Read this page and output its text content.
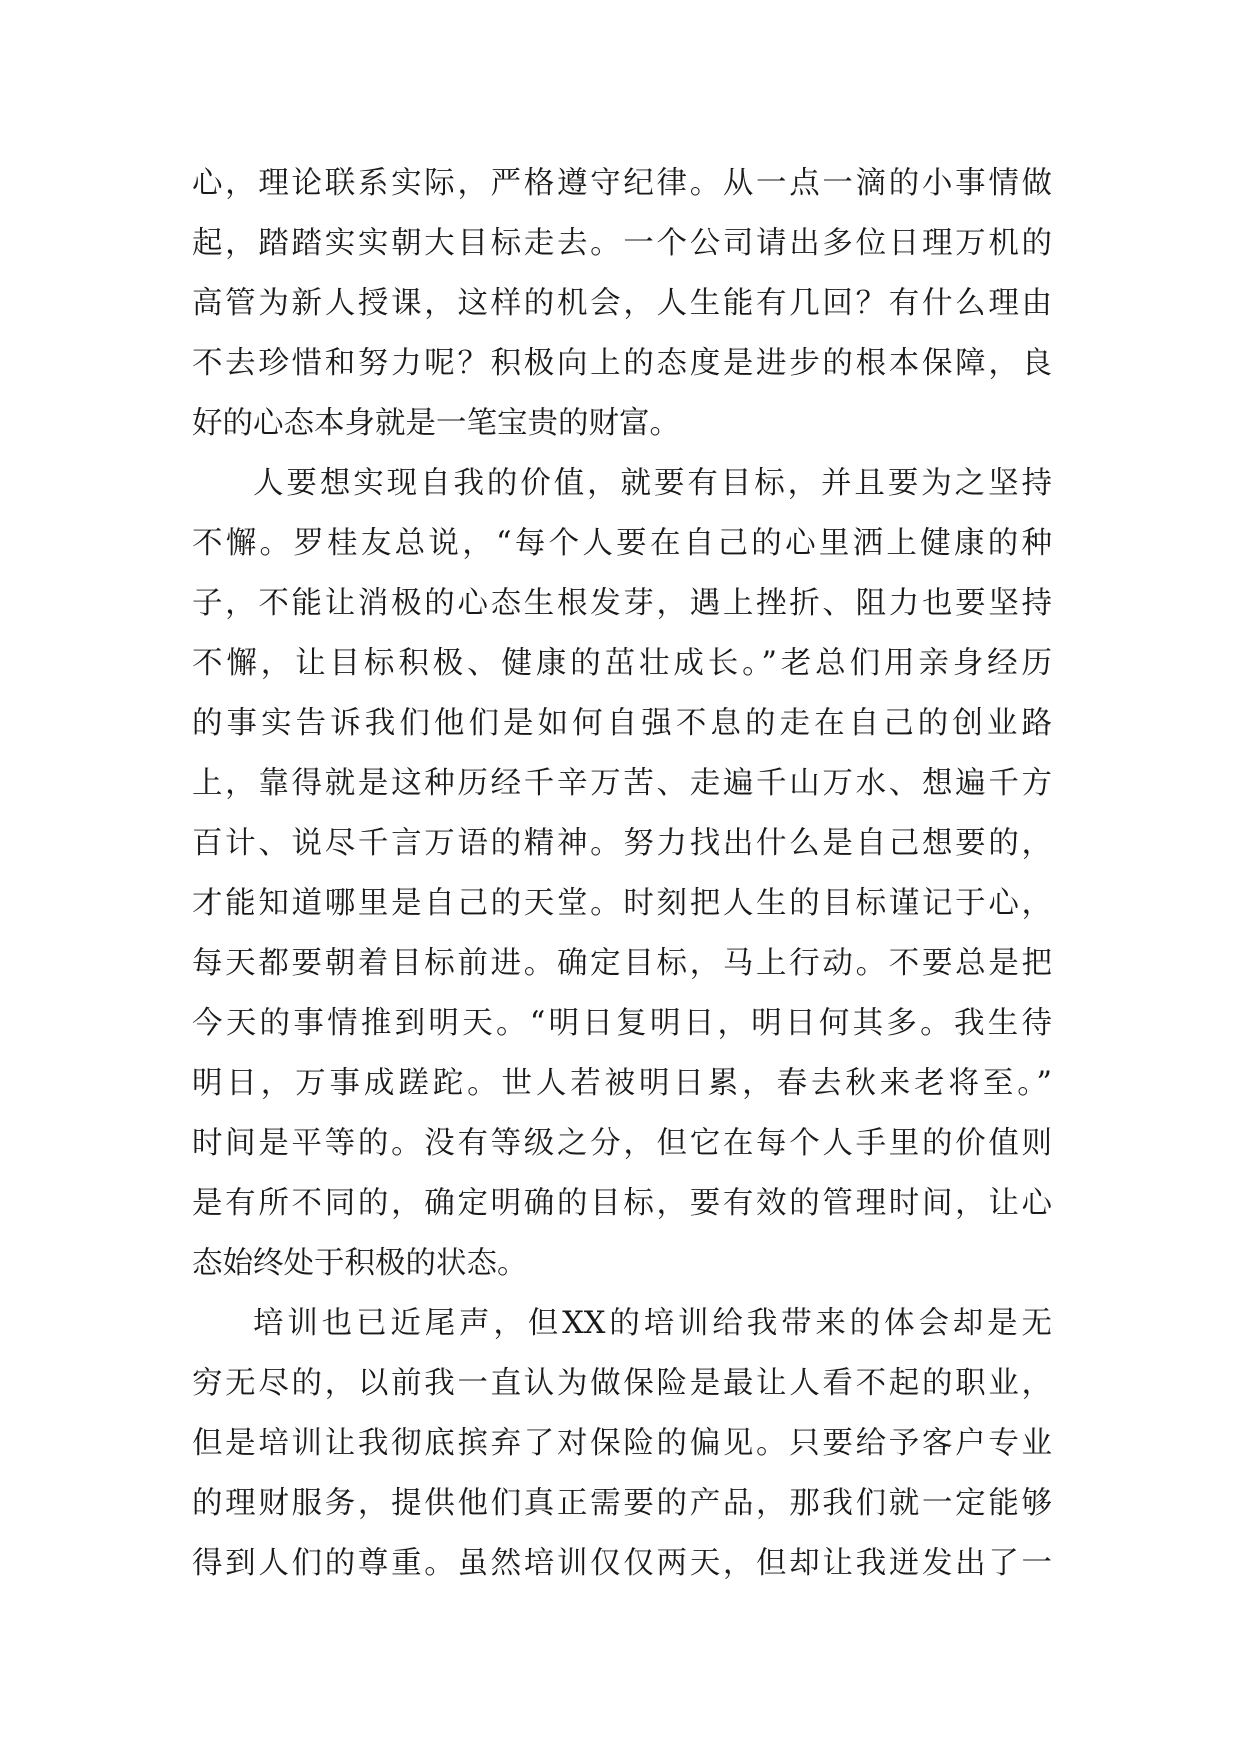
心，理论联系实际，严格遵守纪律。从一点一滴的小事情做
起，踏踏实实朝大目标走去。一个公司请出多位日理万机的
高管为新人授课，这样的机会，人生能有几回？有什么理由
不去珍惜和努力呢？积极向上的态度是进步的根本保障，良
好的心态本身就是一笔宝贵的财富。
人要想实现自我的价值，就要有目标，并且要为之坚持
不懈。罗桂友总说，“每个人要在自己的心里洒上健康的种
子，不能让消极的心态生根发芽，遇上挫折、阻力也要坚持
不懈，让目标积极、健康的茁壮成长。”老总们用亲身经历
的事实告诉我们他们是如何自强不息的走在自己的创业路
上，靠得就是这种历经千辛万苦、走遍千山万水、想遍千方
百计、说尽千言万语的精神。努力找出什么是自己想要的，
才能知道哪里是自己的天堂。时刻把人生的目标谨记于心，
每天都要朝着目标前进。确定目标，马上行动。不要总是把
今天的事情推到明天。“明日复明日，明日何其多。我生待
明日，万事成蹉跎。世人若被明日累，春去秋来老将至。”
时间是平等的。没有等级之分，但它在每个人手里的价值则
是有所不同的，确定明确的目标，要有效的管理时间，让心
态始终处于积极的状态。
培训也已近尾声，但XX的培训给我带来的体会却是无
穷无尽的，以前我一直认为做保险是最让人看不起的职业，
但是培训让我彻底摈弃了对保险的偏见。只要给予客户专业
的理财服务，提供他们真正需要的产品，那我们就一定能够
得到人们的尊重。虽然培训仅仅两天，但却让我迸发出了一
